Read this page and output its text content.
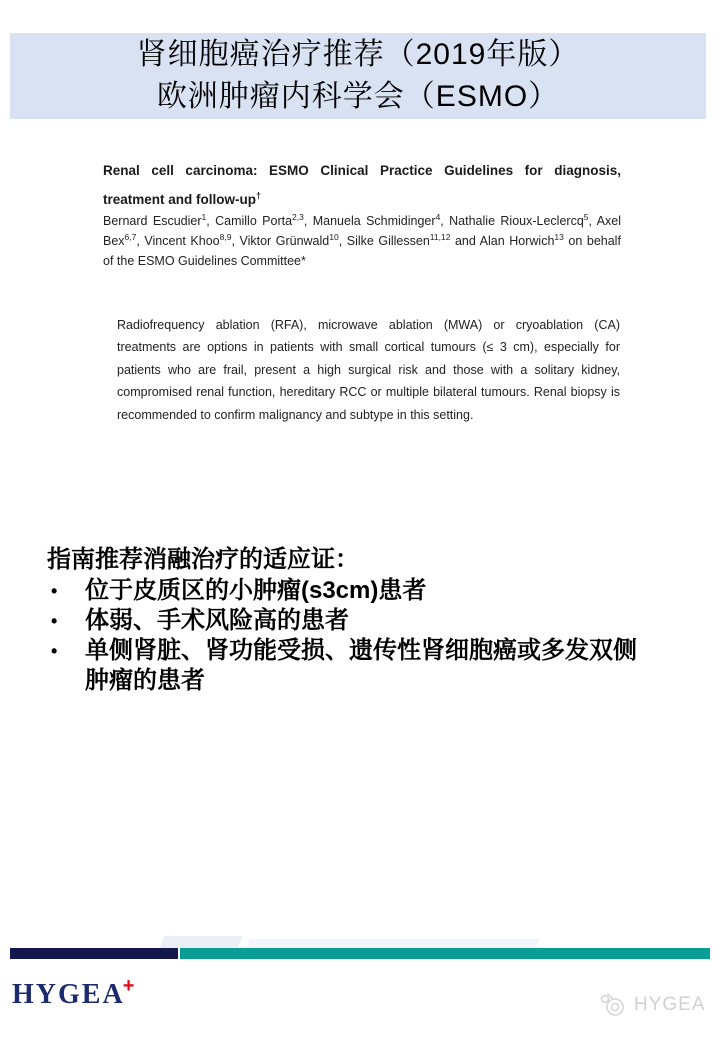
肾细胞癌治疗推荐（2019年版）
欧洲肿瘤内科学会（ESMO）
Renal cell carcinoma: ESMO Clinical Practice Guidelines for diagnosis, treatment and follow-up†

Bernard Escudier$^1$, Camillo Porta$^{2,3}$, Manuela Schmidinger$^4$, Nathalie Rioux-Leclercq$^5$, Axel Bex$^{6,7}$, Vincent Khoo$^{8,9}$, Viktor Grünwald$^{10}$, Silke Gillessen$^{11,12}$ and Alan Horwich$^{13}$ on behalf of the ESMO Guidelines Committee*

Radiofrequency ablation (RFA), microwave ablation (MWA) or cryoablation (CA) treatments are options in patients with small cortical tumours (≤ 3 cm), especially for patients who are frail, present a high surgical risk and those with a solitary kidney, compromised renal function, hereditary RCC or multiple bilateral tumours. Renal biopsy is recommended to confirm malignancy and subtype in this setting.

指南推荐消融治疗的适应证：
• 位于皮质区的小肿瘤(s3cm)患者
• 体弱、手术风险高的患者
• 单侧肾脏、肾功能受损、遗传性肾细胞癌或多发双侧肿瘤的患者
HYGEA+
HYGEA
